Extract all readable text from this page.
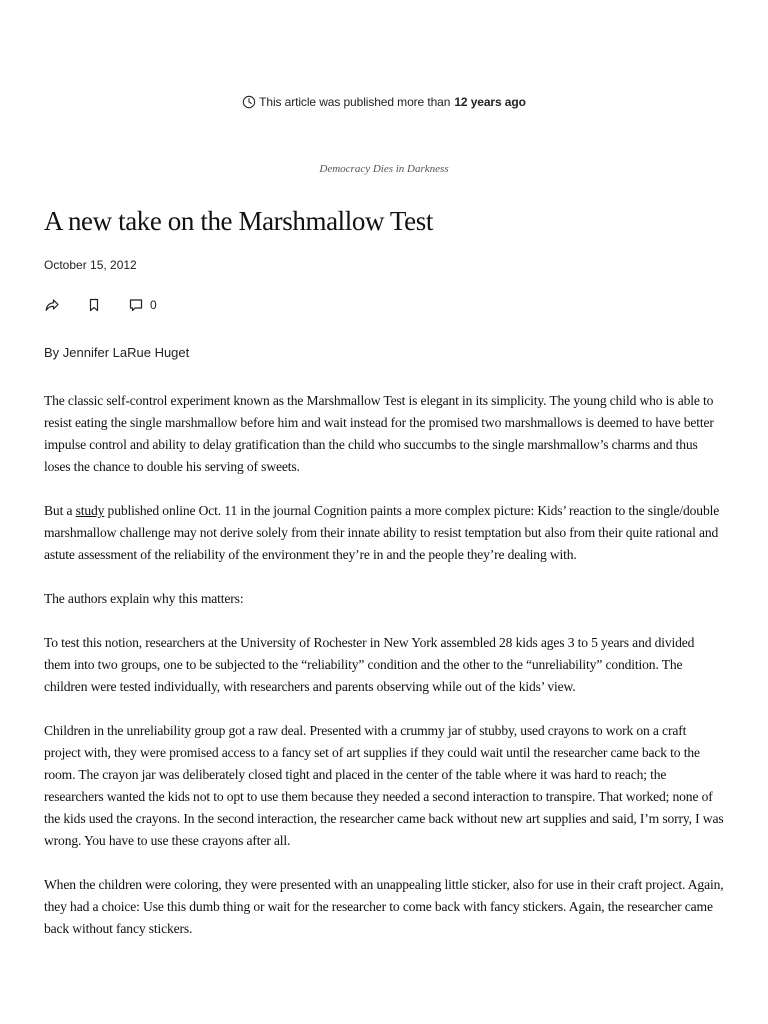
This article was published more than 12 years ago
Democracy Dies in Darkness
A new take on the Marshmallow Test
October 15, 2012
0
By Jennifer LaRue Huget

The classic self-control experiment known as the Marshmallow Test is elegant in its simplicity. The young child who is able to resist eating the single marshmallow before him and wait instead for the promised two marshmallows is deemed to have better impulse control and ability to delay gratification than the child who succumbs to the single marshmallow’s charms and thus loses the chance to double his serving of sweets.

But a study published online Oct. 11 in the journal Cognition paints a more complex picture: Kids’ reaction to the single/double marshmallow challenge may not derive solely from their innate ability to resist temptation but also from their quite rational and astute assessment of the reliability of the environment they’re in and the people they’re dealing with.

The authors explain why this matters:

To test this notion, researchers at the University of Rochester in New York assembled 28 kids ages 3 to 5 years and divided them into two groups, one to be subjected to the “reliability” condition and the other to the “unreliability” condition. The children were tested individually, with researchers and parents observing while out of the kids’ view.

Children in the unreliability group got a raw deal. Presented with a crummy jar of stubby, used crayons to work on a craft project with, they were promised access to a fancy set of art supplies if they could wait until the researcher came back to the room. The crayon jar was deliberately closed tight and placed in the center of the table where it was hard to reach; the researchers wanted the kids not to opt to use them because they needed a second interaction to transpire. That worked; none of the kids used the crayons. In the second interaction, the researcher came back without new art supplies and said, I’m sorry, I was wrong. You have to use these crayons after all.

When the children were coloring, they were presented with an unappealing little sticker, also for use in their craft project. Again, they had a choice: Use this dumb thing or wait for the researcher to come back with fancy stickers. Again, the researcher came back without fancy stickers.
